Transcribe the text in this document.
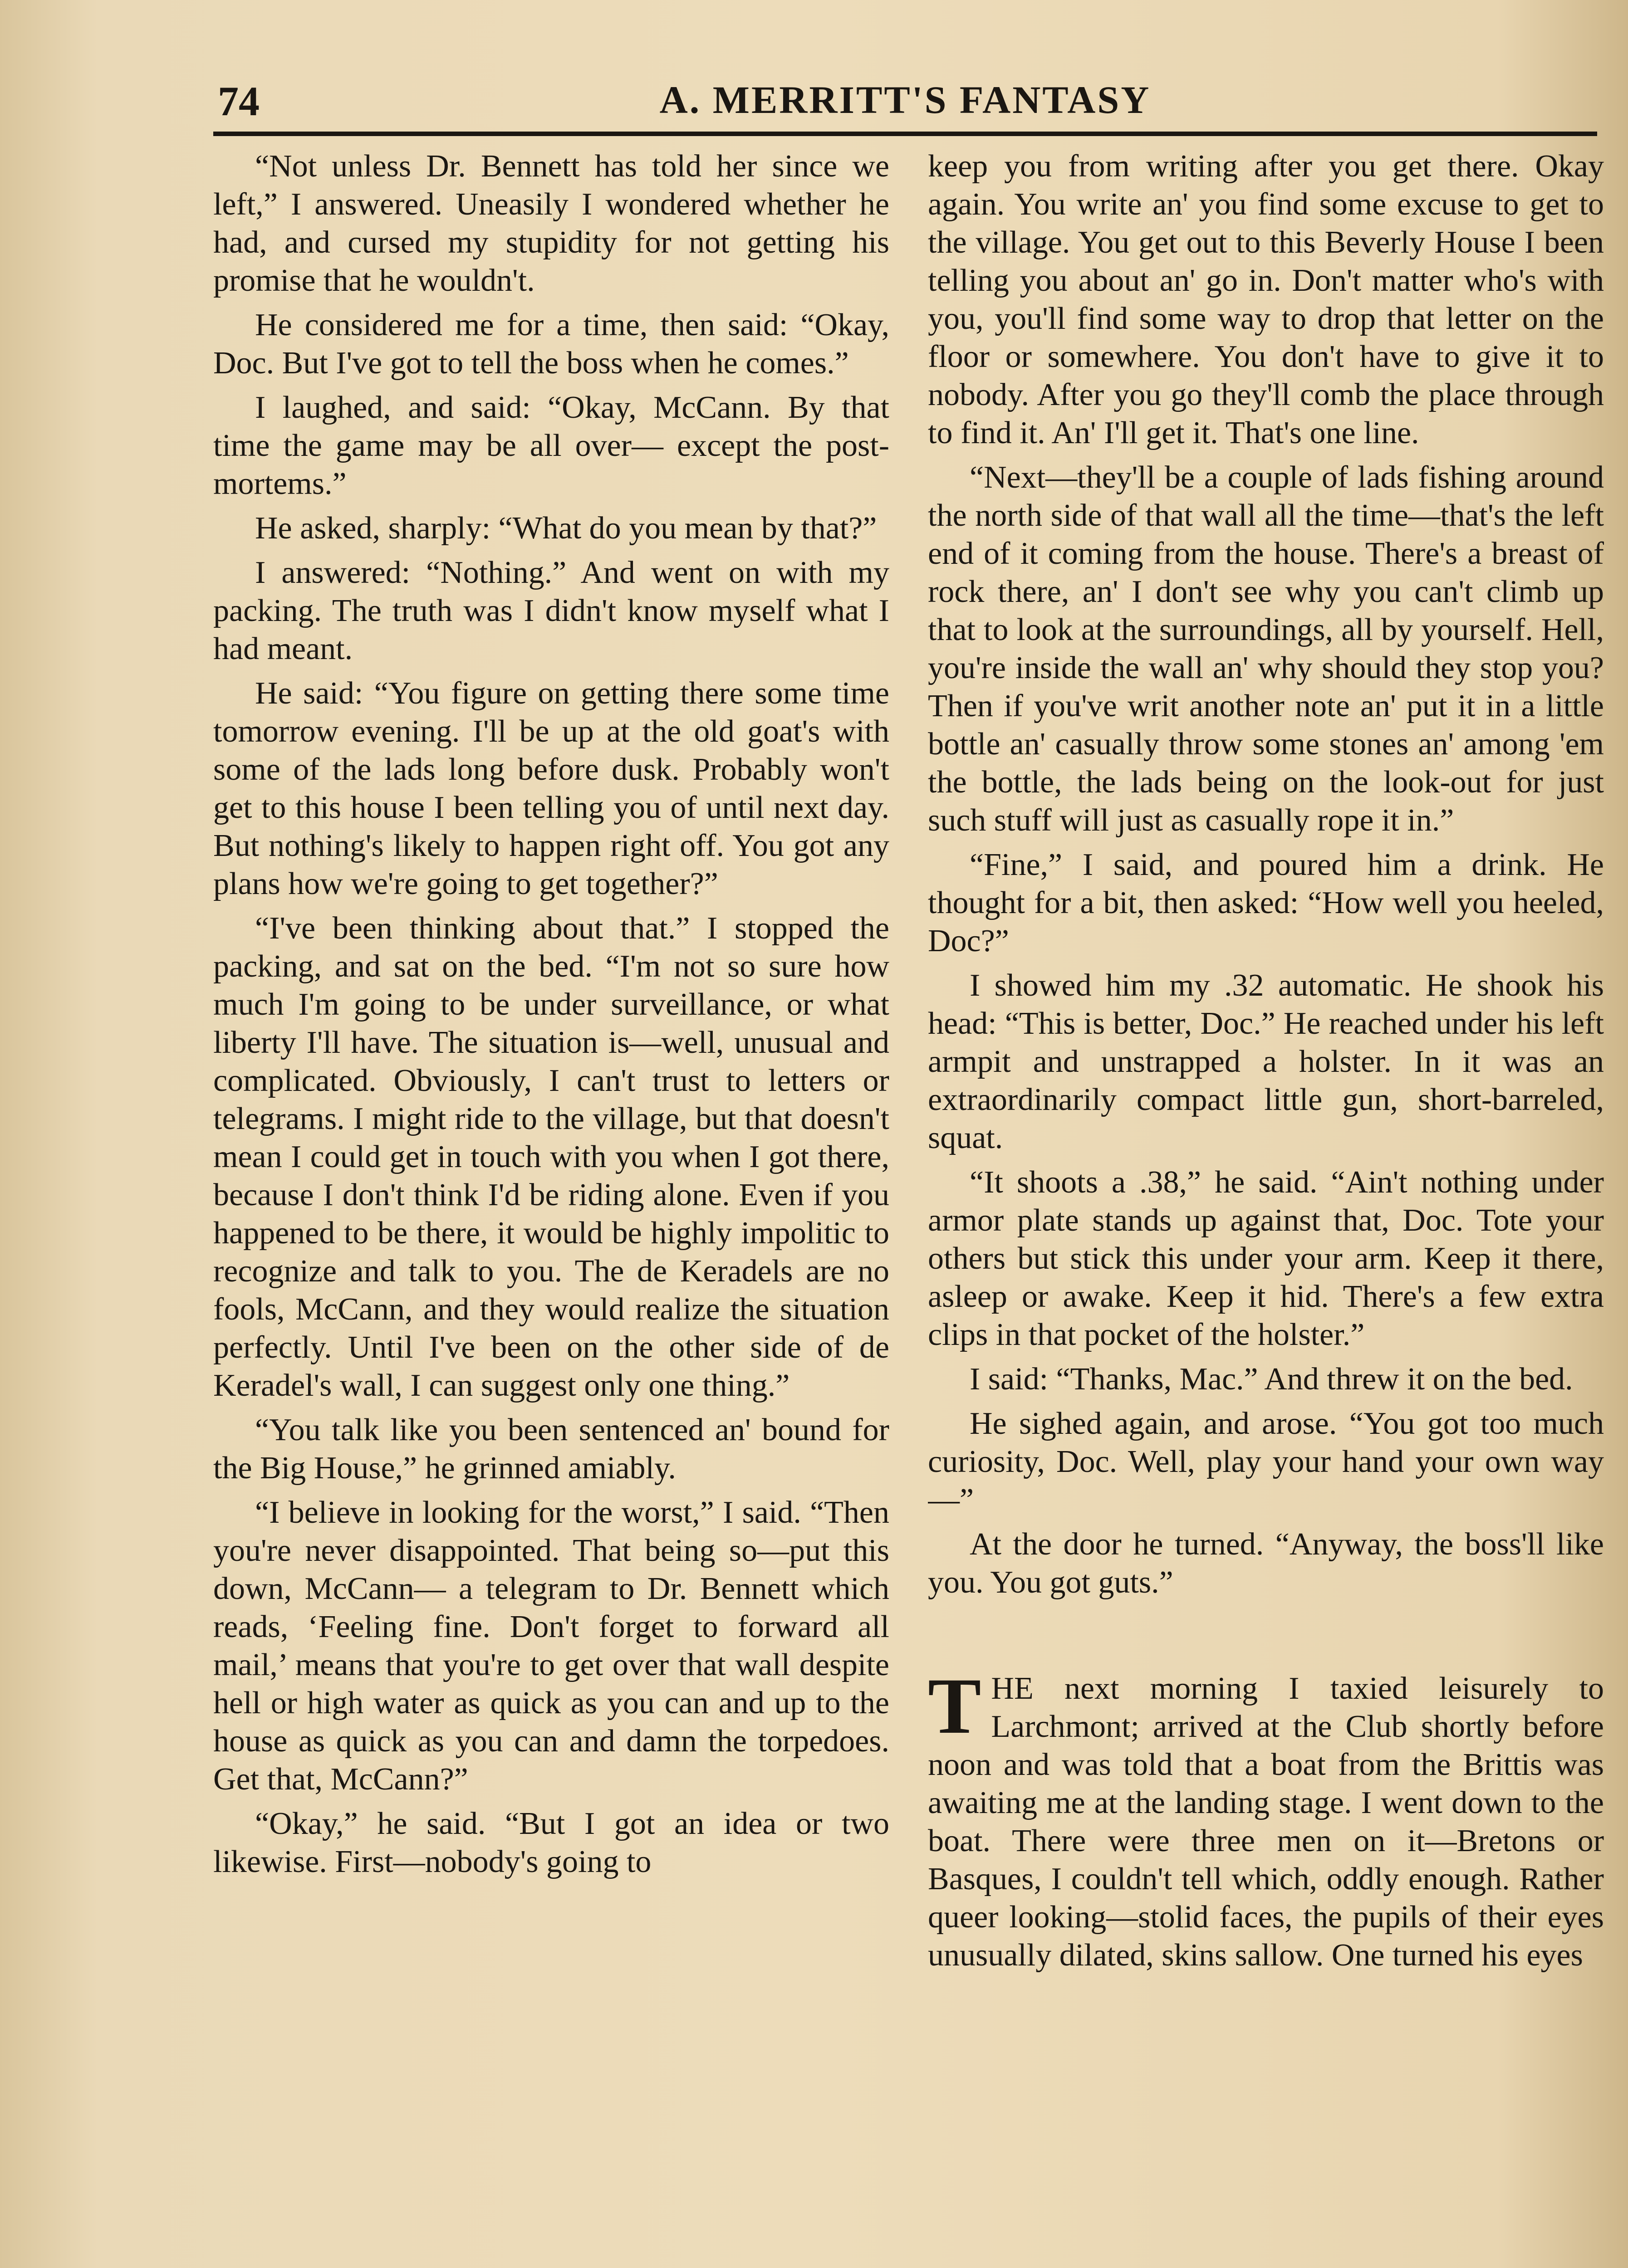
74	A. MERRITT'S FANTASY

“Not unless Dr. Bennett has told her since we left,” I answered. Uneasily I wondered whether he had, and cursed my stupidity for not getting his promise that he wouldn't.

He considered me for a time, then said: “Okay, Doc. But I've got to tell the boss when he comes.”

I laughed, and said: “Okay, McCann. By that time the game may be all over— except the post-mortems.”

He asked, sharply: “What do you mean by that?”

I answered: “Nothing.” And went on with my packing. The truth was I didn't know myself what I had meant.

He said: “You figure on getting there some time tomorrow evening. I'll be up at the old goat's with some of the lads long before dusk. Probably won't get to this house I been telling you of until next day. But nothing's likely to happen right off. You got any plans how we're going to get together?”

“I've been thinking about that.” I stopped the packing, and sat on the bed. “I'm not so sure how much I'm going to be under surveillance, or what liberty I'll have. The situation is—well, unusual and complicated. Obviously, I can't trust to letters or telegrams. I might ride to the village, but that doesn't mean I could get in touch with you when I got there, because I don't think I'd be riding alone. Even if you happened to be there, it would be highly impolitic to recognize and talk to you. The de Keradels are no fools, McCann, and they would realize the situation perfectly. Until I've been on the other side of de Keradel's wall, I can suggest only one thing.”

“You talk like you been sentenced an' bound for the Big House,” he grinned amiably.

“I believe in looking for the worst,” I said. “Then you're never disappointed. That being so—put this down, McCann— a telegram to Dr. Bennett which reads, ‘Feeling fine. Don't forget to forward all mail,’ means that you're to get over that wall despite hell or high water as quick as you can and up to the house as quick as you can and damn the torpedoes. Get that, McCann?”

“Okay,” he said. “But I got an idea or two likewise. First—nobody's going to

keep you from writing after you get there. Okay again. You write an' you find some excuse to get to the village. You get out to this Beverly House I been telling you about an' go in. Don't matter who's with you, you'll find some way to drop that letter on the floor or somewhere. You don't have to give it to nobody. After you go they'll comb the place through to find it. An' I'll get it. That's one line.

“Next—they'll be a couple of lads fishing around the north side of that wall all the time—that's the left end of it coming from the house. There's a breast of rock there, an' I don't see why you can't climb up that to look at the surroundings, all by yourself. Hell, you're inside the wall an' why should they stop you? Then if you've writ another note an' put it in a little bottle an' casually throw some stones an' among 'em the bottle, the lads being on the look-out for just such stuff will just as casually rope it in.”

“Fine,” I said, and poured him a drink. He thought for a bit, then asked: “How well you heeled, Doc?”

I showed him my .32 automatic. He shook his head: “This is better, Doc.” He reached under his left armpit and unstrapped a holster. In it was an extraordinarily compact little gun, short-barreled, squat.

“It shoots a .38,” he said. “Ain't nothing under armor plate stands up against that, Doc. Tote your others but stick this under your arm. Keep it there, asleep or awake. Keep it hid. There's a few extra clips in that pocket of the holster.”

I said: “Thanks, Mac.” And threw it on the bed.

He sighed again, and arose. “You got too much curiosity, Doc. Well, play your hand your own way—”

At the door he turned. “Anyway, the boss'll like you. You got guts.”

THE next morning I taxied leisurely to Larchmont; arrived at the Club shortly before noon and was told that a boat from the Brittis was awaiting me at the landing stage. I went down to the boat. There were three men on it—Bretons or Basques, I couldn't tell which, oddly enough. Rather queer looking—stolid faces, the pupils of their eyes unusually dilated, skins sallow. One turned his eyes
